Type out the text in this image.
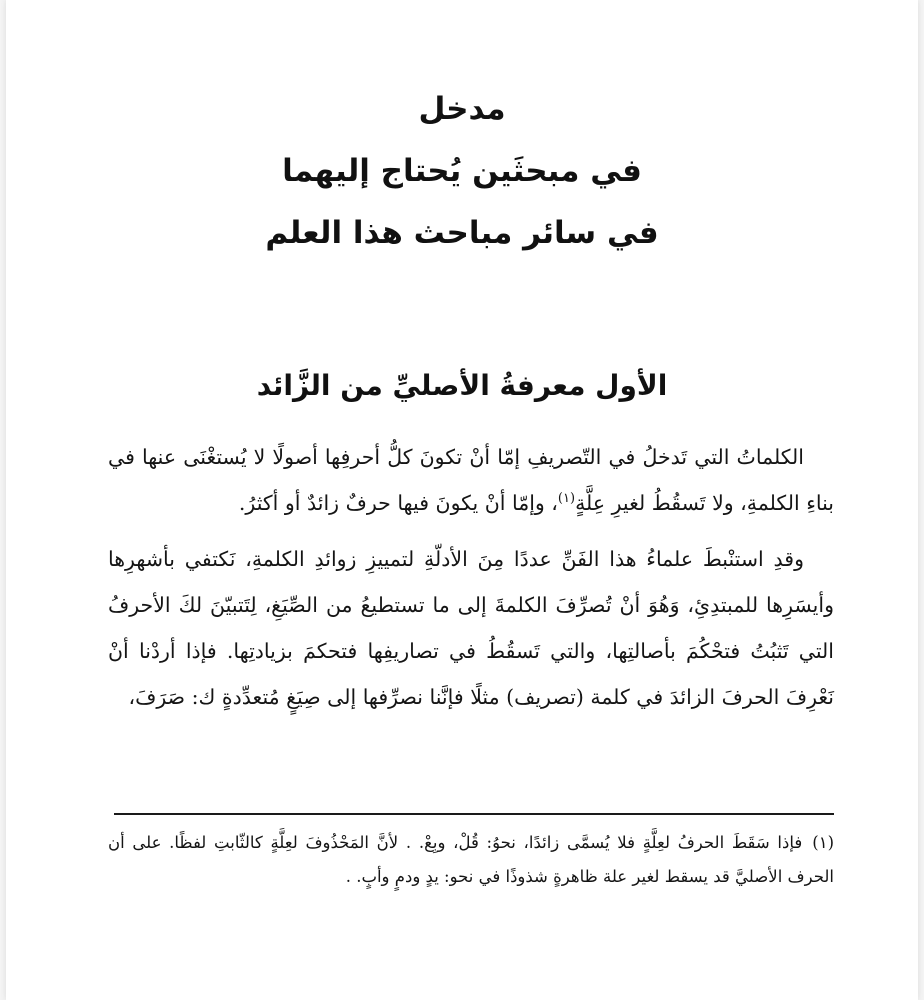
مدخل
في مبحثَين يُحتاج إليهما
في سائر مباحث هذا العلم
الأول معرفةُ الأصليِّ من الزَّائد

الكلماتُ التي تَدخلُ في التّصريفِ إمّا أنْ تكونَ كلُّ أحرفِها أصولًا لا يُستغْنَى عنها في بناءِ الكلمةِ، ولا تَسقُطُ لغيرِ عِلَّةٍ$^{(١)}$، وإمّا أنْ يكونَ فيها حرفٌ زائدٌ أو أكثرُ.

وقدِ استنْبطَ علماءُ هذا الفَنِّ عددًا مِنَ الأدلّةِ لتمييزِ زوائدِ الكلمةِ، نَكتفي بأشهرِها وأيسَرِها للمبتدِئِ، وَهُوَ أنْ تُصرِّفَ الكلمةَ إلى ما تستطيعُ من الصِّيَغِ، لِتَتبيّنَ لكَ الأحرفُ التي تَثبُتُ فتحْكُمَ بأصالتِها، والتي تَسقُطُ في تصاريفِها فتحكمَ بزيادتِها. فإذا أردْنا أنْ نَعْرِفَ الحرفَ الزائدَ في كلمة (تصريف) مثلًا فإنَّنا نصرِّفها إلى صِيَغٍ مُتعدِّدةٍ ك: صَرَفَ،

(١)فإذا سَقَطَ الحرفُ لعِلَّةٍ فلا يُسمَّى زائدًا، نحوُ: قُلْ، وبِعْ. . لأنَّ المَحْذُوفَ لعِلَّةٍ كالثّابتِ لفظًا. على أن الحرف الأصليَّ قد يسقط لغير علة ظاهرةٍ شذوذًا في نحو: يدٍ ودمٍ وأبٍ. .
